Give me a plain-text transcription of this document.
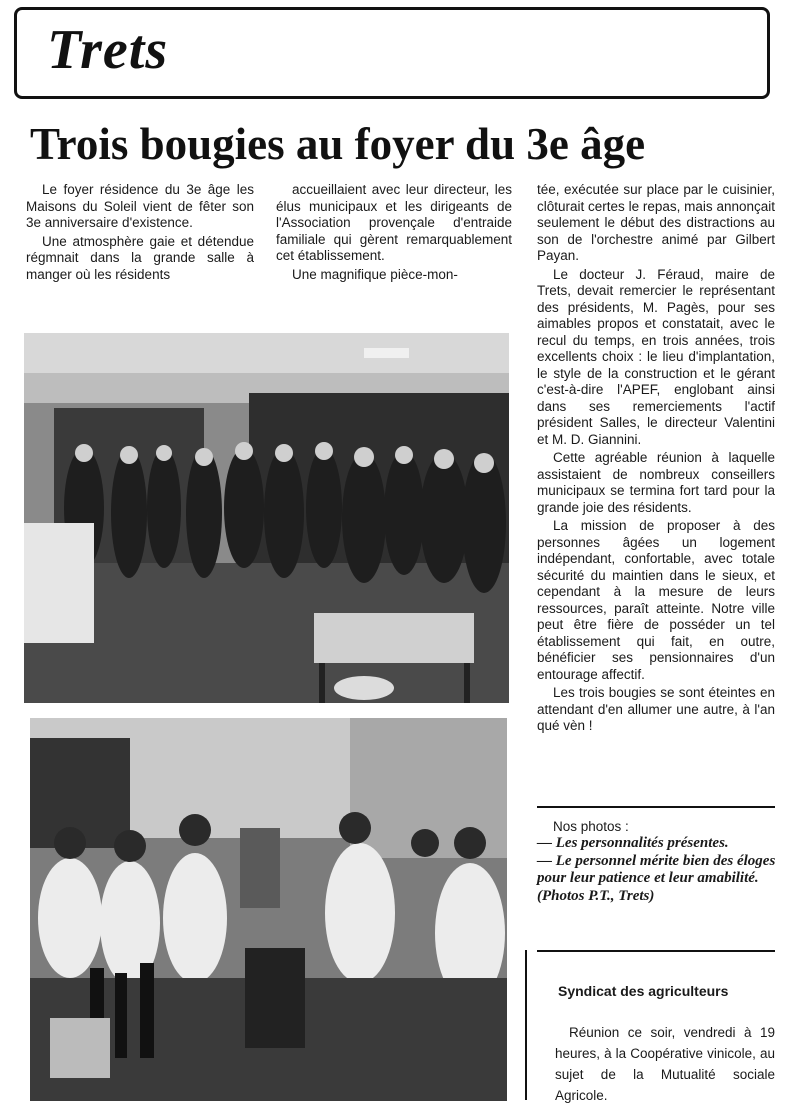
Trets
Trois bougies au foyer du 3e âge

Le foyer résidence du 3e âge les Maisons du Soleil vient de fêter son 3e anniversaire d'existence.

Une atmosphère gaie et détendue régmnait dans la grande salle à manger où les résidents

accueillaient avec leur directeur, les élus municipaux et les dirigeants de l'Association provençale d'entraide familiale qui gèrent remarquablement cet établissement.

Une magnifique pièce-mon-

tée, exécutée sur place par le cuisinier, clôturait certes le repas, mais annonçait seulement le début des distractions au son de l'orchestre animé par Gilbert Payan.

Le docteur J. Féraud, maire de Trets, devait remercier le représentant des présidents, M. Pagès, pour ses aimables propos et constatait, avec le recul du temps, en trois années, trois excellents choix : le lieu d'implantation, le style de la construction et le gérant c'est-à-dire l'APEF, englobant ainsi dans ses remerciements l'actif président Salles, le directeur Valentini et M. D. Giannini.

Cette agréable réunion à laquelle assistaient de nombreux conseillers municipaux se termina fort tard pour la grande joie des résidents.

La mission de proposer à des personnes âgées un logement indépendant, confortable, avec totale sécurité du maintien dans le sieux, et cependant à la mesure de leurs ressources, paraît atteinte. Notre ville peut être fière de posséder un tel établissement qui fait, en outre, bénéficier ses pensionnaires d'un entourage affectif.

Les trois bougies se sont éteintes en attendant d'en allumer une autre, à l'an qué vèn !

Nos photos :
— Les personnalités présentes.
— Le personnel mérite bien des éloges pour leur patience et leur amabilité. (Photos P.T., Trets)
Syndicat des agriculteurs
Réunion ce soir, vendredi à 19 heures, à la Coopérative vinicole, au sujet de la Mutualité sociale Agricole.
